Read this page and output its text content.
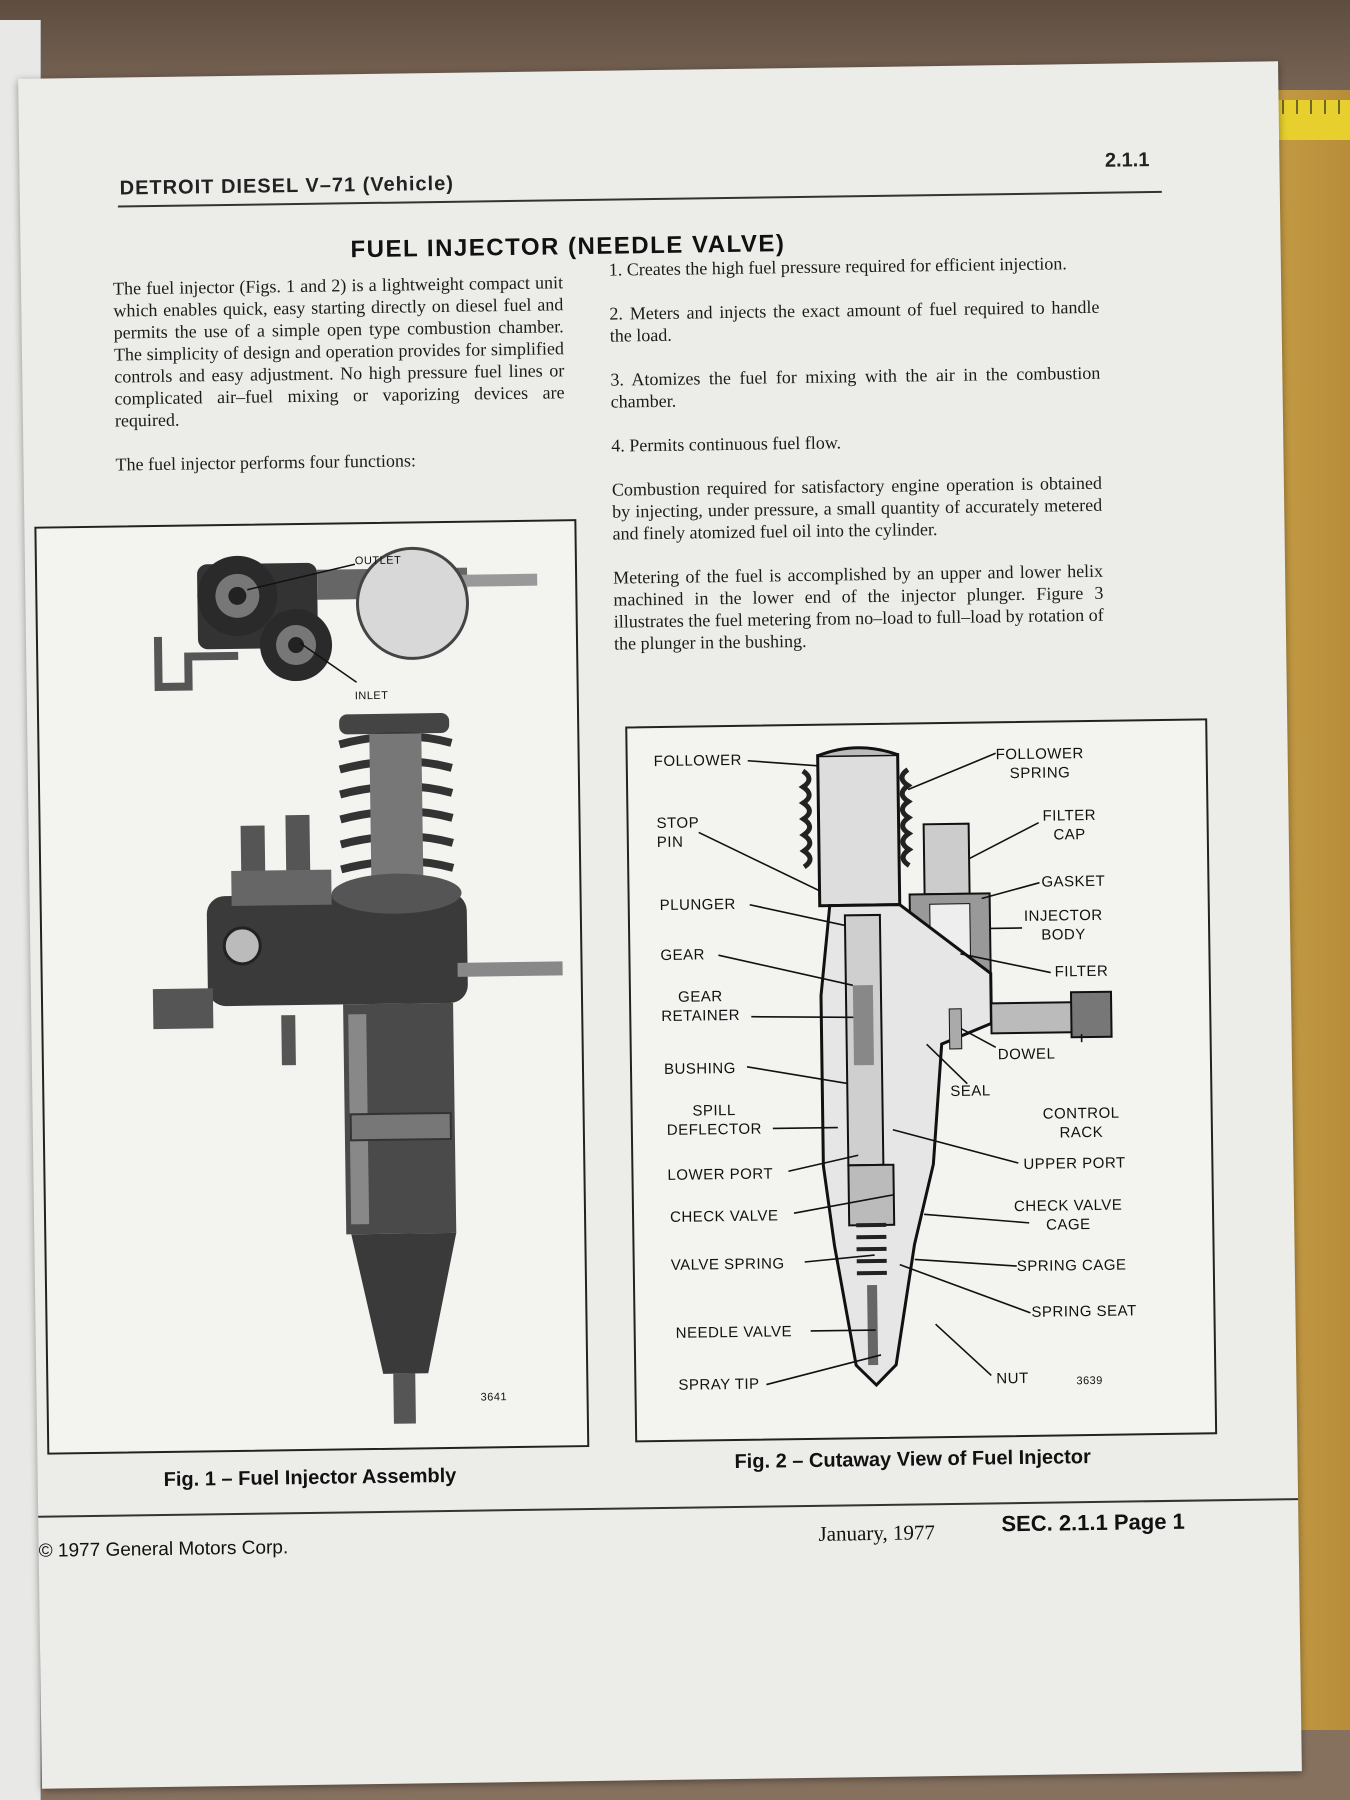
DETROIT DIESEL V–71 (Vehicle)
2.1.1
FUEL INJECTOR (NEEDLE VALVE)

The fuel injector (Figs. 1 and 2) is a lightweight compact unit which enables quick, easy starting directly on diesel fuel and permits the use of a simple open type combustion chamber. The simplicity of design and operation provides for simplified controls and easy adjustment. No high pressure fuel lines or complicated air–fuel mixing or vaporizing devices are required.

The fuel injector performs four functions:

1. Creates the high fuel pressure required for efficient injection.

2. Meters and injects the exact amount of fuel required to handle the load.

3. Atomizes the fuel for mixing with the air in the combustion chamber.

4. Permits continuous fuel flow.

Combustion required for satisfactory engine operation is obtained by injecting, under pressure, a small quantity of accurately metered and finely atomized fuel oil into the cylinder.

Metering of the fuel is accomplished by an upper and lower helix machined in the lower end of the injector plunger. Figure 3 illustrates the fuel metering from no–load to full–load by rotation of the plunger in the bushing.

OUTLET
INLET
3641
Fig. 1 – Fuel Injector Assembly
FOLLOWER	FOLLOWER
SPRING
STOP
PIN
FILTER
CAP
GASKET
PLUNGER
INJECTOR
BODY
GEAR
FILTER
GEAR
RETAINER
DOWEL
BUSHING
SEAL
SPILL
DEFLECTOR
CONTROL
RACK
UPPER PORT
LOWER PORT
CHECK VALVE
CHECK VALVE
CAGE
VALVE SPRING	SPRING CAGE
SPRING SEAT
NEEDLE VALVE
SPRAY TIP	NUT	3639
Fig. 2 – Cutaway View of Fuel Injector
© 1977 General Motors Corp.
January, 1977	SEC. 2.1.1 Page 1
